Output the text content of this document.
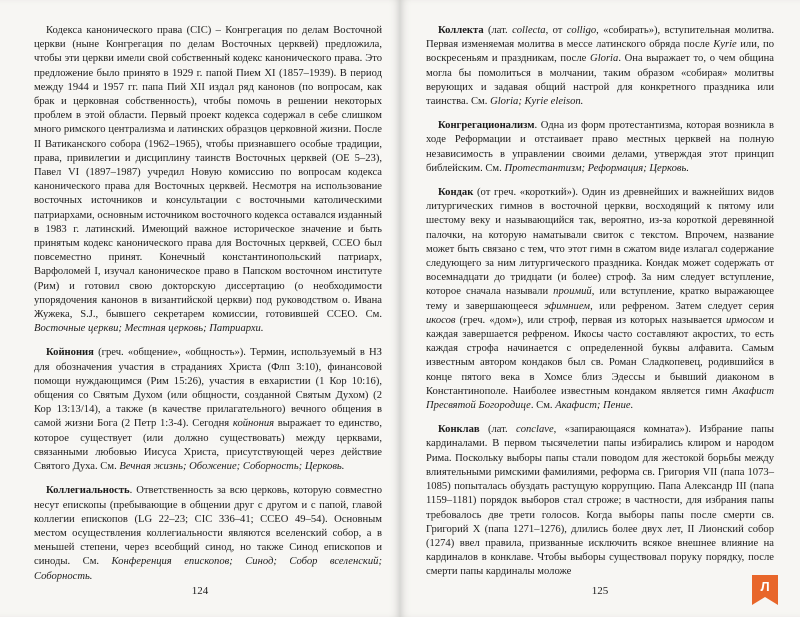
Кодекса канонического права (CIC) – Конгрегация по делам Восточной церкви (ныне Конгрегация по делам Восточных церквей) предложила, чтобы эти церкви имели свой собственный кодекс канонического права. Это предложение было принято в 1929 г. папой Пием XI (1857–1939). В период между 1944 и 1957 гг. папа Пий XII издал ряд канонов (по вопросам, как брак и церковная собственность), чтобы помочь в решении некоторых проблем в этой области. Первый проект кодекса содержал в себе слишком много римского централизма и латинских образцов церковной жизни. После II Ватиканского собора (1962–1965), чтобы признавшего особые традиции, права, привилегии и дисциплину таинств Восточных церквей (ОЕ 5–23), Павел VI (1897–1987) учредил Новую комиссию по вопросам кодекса канонического права для Восточных церквей. Несмотря на использование восточных источников и консультации с восточными католическими патриархами, основным источником восточного кодекса оставался изданный в 1983 г. латинский. Имеющий важное историческое значение и быть принятым кодекс канонического права для Восточных церквей, ССЕО был повсеместно принят. Конечный константинопольский патриарх, Варфоломей I, изучал каноническое право в Папском восточном институте (Рим) и готовил свою докторскую диссертацию (о необходимости упорядочения канонов в византийской церкви) под руководством о. Ивана Жужека, S.J., бывшего секретарем комиссии, готовившей ССЕО. См. Восточные церкви; Местная церковь; Патриархи.

Койнония (греч. «общение», «общность»). Термин, используемый в НЗ для обозначения участия в страданиях Христа (Флп 3:10), финансовой помощи нуждающимся (Рим 15:26), участия в евхаристии (1 Кор 10:16), общения со Святым Духом (или общности, созданной Святым Духом) (2 Кор 13:13/14), а также (в качестве прилагательного) вечного общения в самой жизни Бога (2 Петр 1:3-4). Сегодня койнония выражает то единство, которое существует (или должно существовать) между церквами, связанными любовью Иисуса Христа, присутствующей через действие Святого Духа. См. Вечная жизнь; Обожение; Соборность; Церковь.

Коллегиальность. Ответственность за всю церковь, которую совместно несут епископы (пребывающие в общении друг с другом и с папой, главой коллегии епископов (LG 22–23; CIC 336–41; ССЕО 49–54). Основным местом осуществления коллегиальности являются вселенский собор, а в меньшей степени, через всеобщий синод, но также Синод епископов и синоды. См. Конференция епископов; Синод; Собор вселенский; Соборность.

124

Коллекта (лат. collecta, от colligo, «собирать»), вступительная молитва. Первая изменяемая молитва в мессе латинского обряда после Kyrie или, по воскресеньям и праздникам, после Gloria. Она выражает то, о чем община могла бы помолиться в молчании, таким образом «собирая» молитвы верующих и задавая общий настрой для конкретного праздника или таинства. См. Gloria; Kyrie eleison.

Конгрегационализм. Одна из форм протестантизма, которая возникла в ходе Реформации и отстаивает право местных церквей на полную независимость в управлении своими делами, утверждая этот принцип библейским. См. Протестантизм; Реформация; Церковь.

Кондак (от греч. «короткий»). Один из древнейших и важнейших видов литургических гимнов в восточной церкви, восходящий к пятому или шестому веку и называющийся так, вероятно, из-за короткой деревянной палочки, на которую наматывали свиток с текстом. Впрочем, название может быть связано с тем, что этот гимн в сжатом виде излагал содержание следующего за ним литургического праздника. Кондак может содержать от восемнадцати до тридцати (и более) строф. За ним следует вступление, которое сначала называли проимий, или вступление, кратко выражающее тему и завершающееся эфимнием, или рефреном. Затем следует серия икосов (греч. «дом»), или строф, первая из которых называется ирмосом и каждая завершается рефреном. Икосы часто составляют акростих, то есть каждая строфа начинается с определенной буквы алфавита. Самым известным автором кондаков был св. Роман Сладкопевец, родившийся в конце пятого века в Хомсе близ Эдессы и бывший диаконом в Константинополе. Наиболее известным кондаком является гимн Акафист Пресвятой Богородице. См. Акафист; Пение.

Конклав (лат. conclave, «запирающаяся комната»). Избрание папы кардиналами. В первом тысячелетии папы избирались клиром и народом Рима. Поскольку выборы папы стали поводом для жестокой борьбы между влиятельными римскими фамилиями, реформа св. Григория VII (папа 1073–1085) попыталась обуздать растущую коррупцию. Папа Александр III (папа 1159–1181) порядок выборов стал строже; в частности, для избрания папы требовалось две трети голосов. Когда выборы папы после смерти св. Григорий X (папа 1271–1276), длились более двух лет, II Лионский собор (1274) ввел правила, призванные исключить всякое внешнее влияние на кардиналов в конклаве. Чтобы выборы существовал поруку порядку, после смерти папы кардиналы моложе

125	Л
